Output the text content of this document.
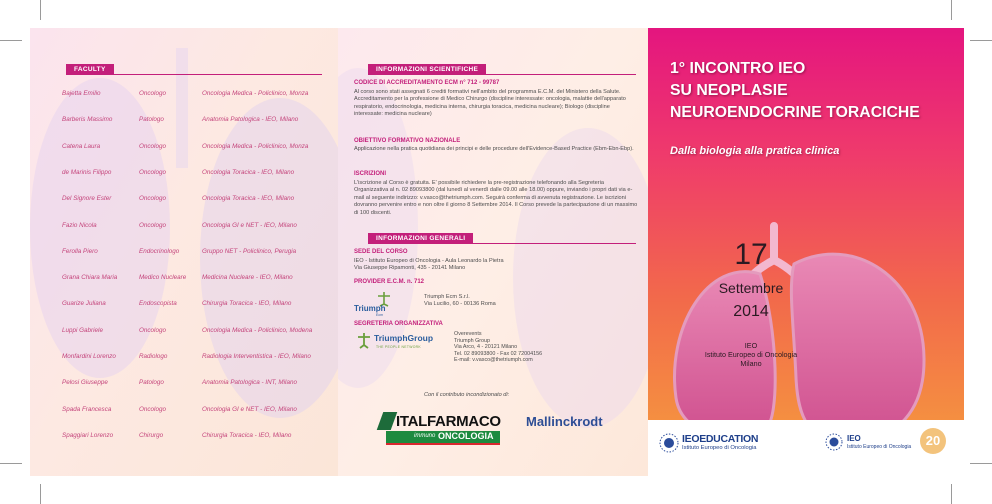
FACULTY
Bajetta Emilio	Oncologo	Oncologia Medica - Policlinico, Monza
Barberis Massimo	Patologo	Anatomia Patologica - IEO, Milano
Catena Laura	Oncologo	Oncologia Medica - Policlinico, Monza
de Marinis Filippo	Oncologo	Oncologia Toracica - IEO, Milano
Del Signore Ester	Oncologo	Oncologia Toracica - IEO, Milano
Fazio Nicola	Oncologo	Oncologia GI e NET - IEO, Milano
Ferolla Piero	Endocrinologo	Gruppo NET - Policlinico, Perugia
Grana Chiara Maria	Medico Nucleare	Medicina Nucleare - IEO, Milano
Guarize Juliana	Endoscopista	Chirurgia Toracica - IEO, Milano
Luppi Gabriele	Oncologo	Oncologia Medica - Policlinico, Modena
Monfardini Lorenzo	Radiologo	Radiologia Interventistica - IEO, Milano
Pelosi Giuseppe	Patologo	Anatomia Patologica - INT, Milano
Spada Francesca	Oncologo	Oncologia GI e NET - IEO, Milano
Spaggiari Lorenzo	Chirurgo	Chirurgia Toracica - IEO, Milano
INFORMAZIONI SCIENTIFICHE
CODICE DI ACCREDITAMENTO ECM n° 712 - 99787
Al corso sono stati assegnati 6 crediti formativi nell'ambito del programma E.C.M. del Ministero della Salute. Accreditamento per la professione di Medico Chirurgo (discipline interessate: oncologia, malattie dell'apparato respiratorio, endocrinologia, medicina interna, chirurgia toracica, medicina nucleare); Biologo (discipline interessate: medicina nucleare)
OBIETTIVO FORMATIVO NAZIONALE
Applicazione nella pratica quotidiana dei principi e delle procedure dell'Evidence-Based Practice (Ebm-Ebn-Ebp).
ISCRIZIONI
L'iscrizione al Corso è gratuita. E' possibile richiedere la pre-registrazione telefonando alla Segreteria Organizzativa al n. 02 89093800 (dal lunedì al venerdì dalle 09.00 alle 18.00) oppure, inviando i propri dati via e-mail al seguente indirizzo: v.vasco@thetriumph.com. Seguirà conferma di avvenuta registrazione. Le iscrizioni dovranno pervenire entro e non oltre il giorno 8 Settembre 2014. Il Corso prevede la partecipazione di un massimo di 100 discenti.
INFORMAZIONI GENERALI
SEDE DEL CORSO
IEO - Istituto Europeo di Oncologia - Aula Leonardo la Pietra
Via Giuseppe Ripamonti, 435 - 20141 Milano
PROVIDER E.C.M. n. 712
Triumph
Ecm
Triumph Ecm S.r.l.
Via Lucilio, 60 - 00136 Roma
SEGRETERIA ORGANIZZATIVA
TriumphGroup
THE PEOPLE NETWORK
Overevents
Triumph Group
Via Arco, 4 - 20121 Milano
Tel. 02 89093800 - Fax 02 72004156
E-mail: v.vasco@thetriumph.com
Con il contributo incondizionato di:
ITALFARMACO
immuno ONCOLOGIA
Mallinckrodt
1° INCONTRO IEO
SU NEOPLASIE
NEUROENDOCRINE TORACICHE
Dalla biologia alla pratica clinica
17
Settembre
2014
IEO
Istituto Europeo di Oncologia
Milano
IEOEDUCATION
Istituto Europeo di Oncologia
IEO
Istituto Europeo di Oncologia	20
